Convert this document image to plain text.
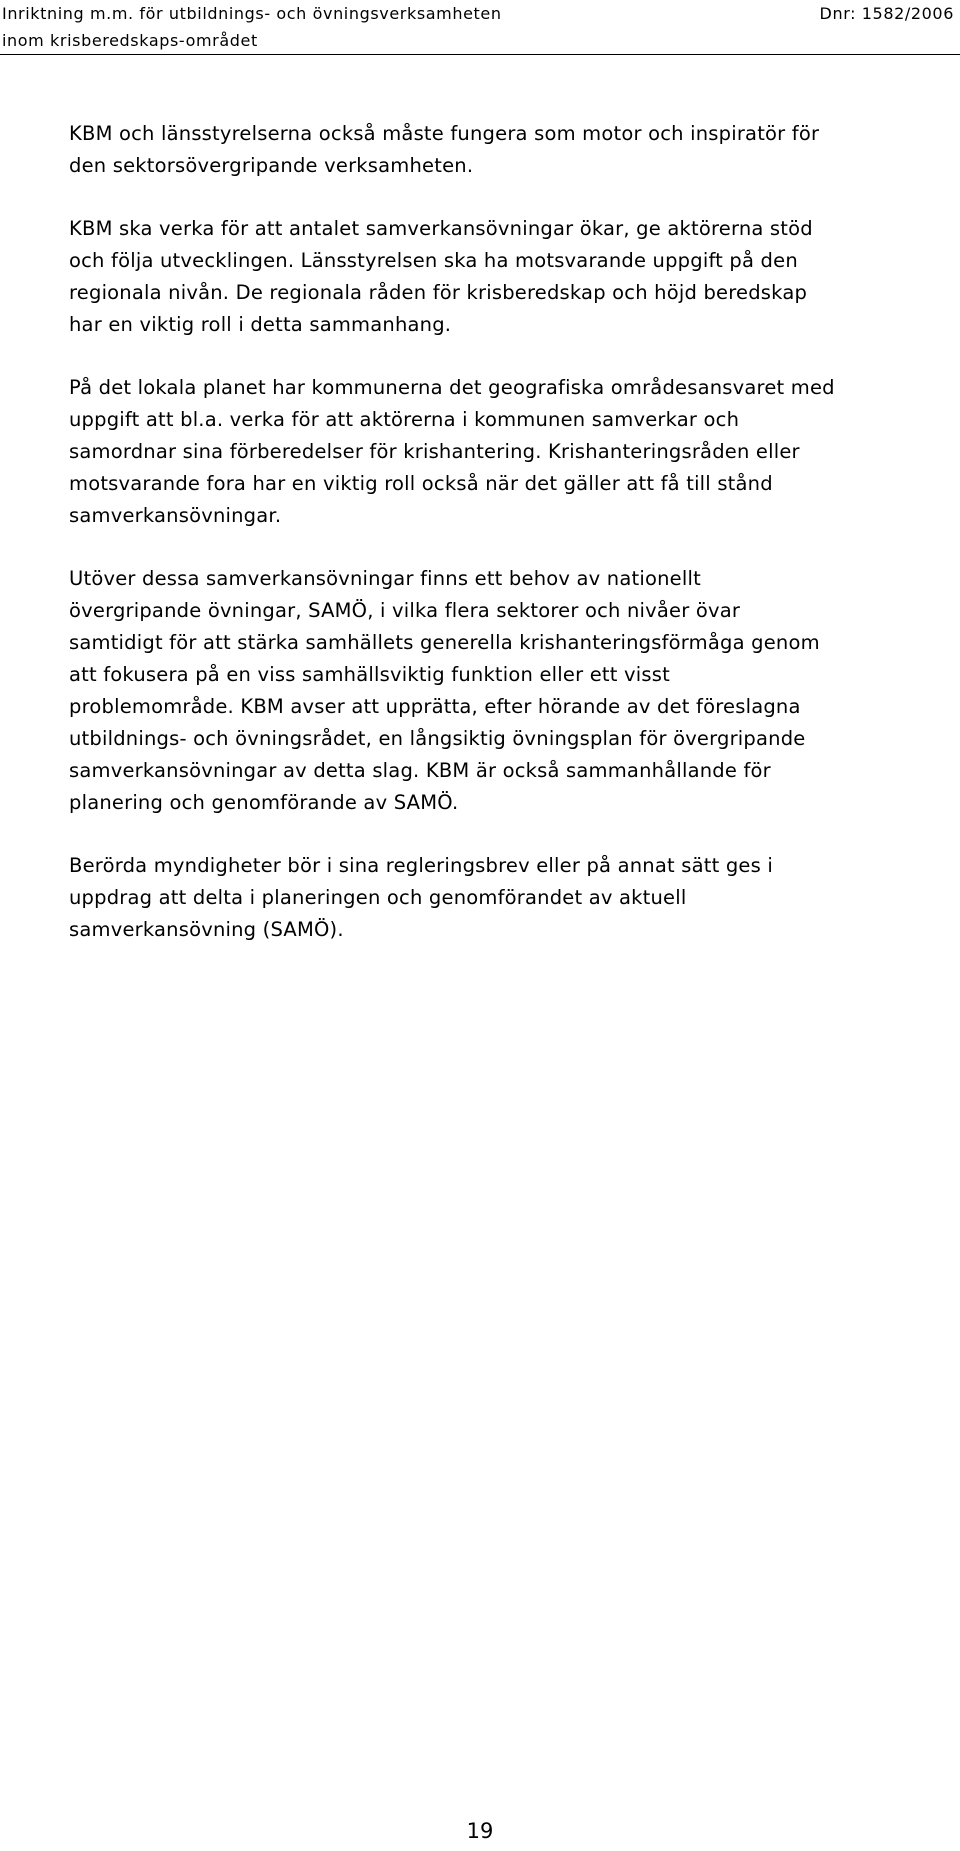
Inriktning m.m. för utbildnings- och övningsverksamheten	Dnr: 1582/2006
inom krisberedskaps-området

KBM och länsstyrelserna också måste fungera som motor och inspiratör för
den sektorsövergripande verksamheten.

KBM ska verka för att antalet samverkansövningar ökar, ge aktörerna stöd
och följa utvecklingen. Länsstyrelsen ska ha motsvarande uppgift på den
regionala nivån. De regionala råden för krisberedskap och höjd beredskap
har en viktig roll i detta sammanhang.

På det lokala planet har kommunerna det geografiska områdesansvaret med
uppgift att bl.a. verka för att aktörerna i kommunen samverkar och
samordnar sina förberedelser för krishantering. Krishanteringsråden eller
motsvarande fora har en viktig roll också när det gäller att få till stånd
samverkansövningar.

Utöver dessa samverkansövningar finns ett behov av nationellt
övergripande övningar, SAMÖ, i vilka flera sektorer och nivåer övar
samtidigt för att stärka samhällets generella krishanteringsförmåga genom
att fokusera på en viss samhällsviktig funktion eller ett visst
problemområde. KBM avser att upprätta, efter hörande av det föreslagna
utbildnings- och övningsrådet, en långsiktig övningsplan för övergripande
samverkansövningar av detta slag. KBM är också sammanhållande för
planering och genomförande av SAMÖ.

Berörda myndigheter bör i sina regleringsbrev eller på annat sätt ges i
uppdrag att delta i planeringen och genomförandet av aktuell
samverkansövning (SAMÖ).

19
